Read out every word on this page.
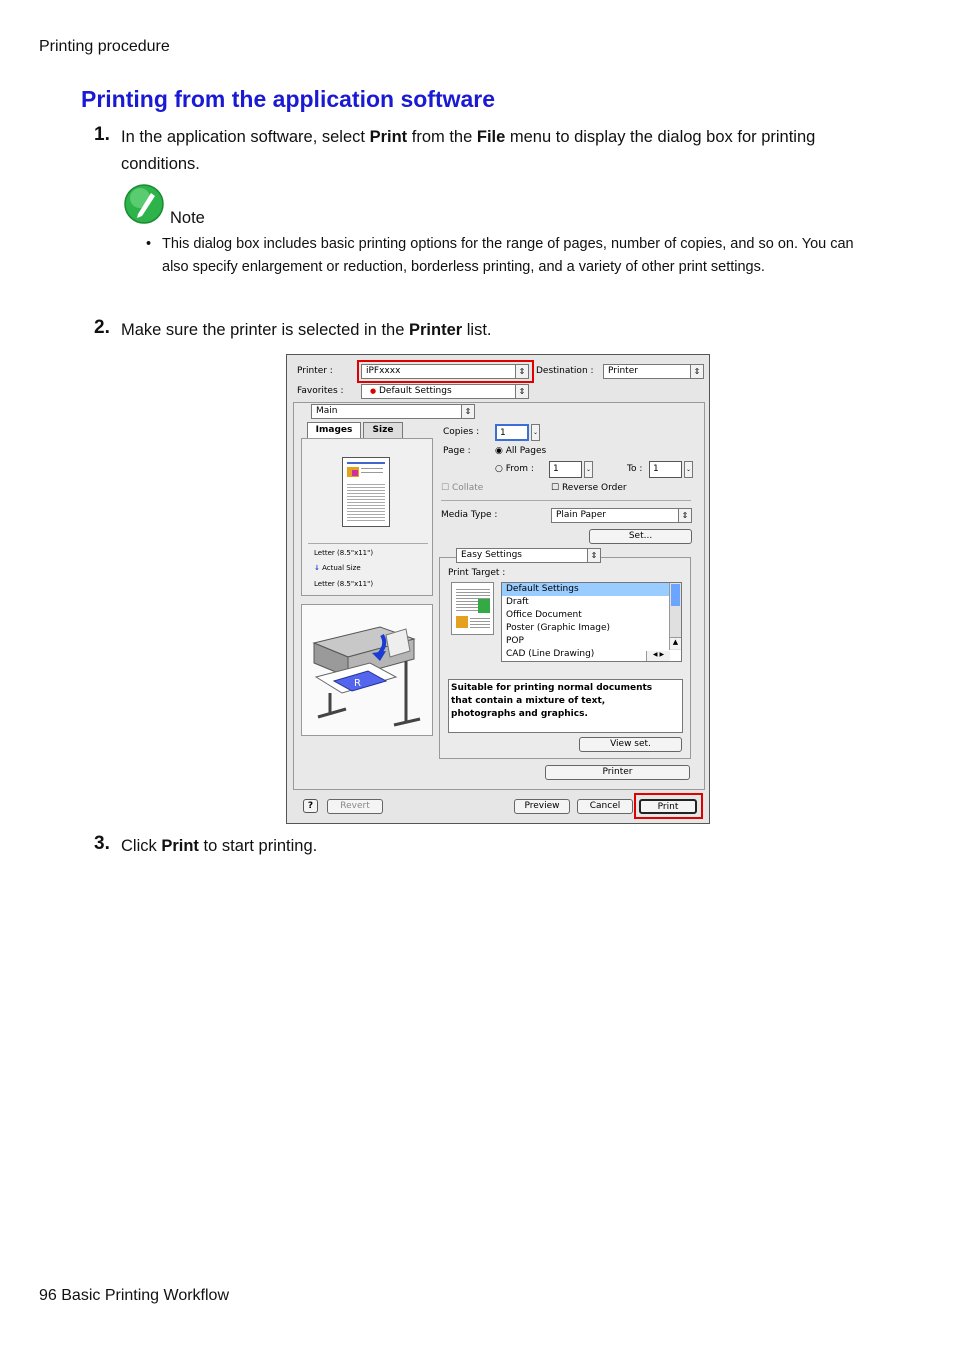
Printing procedure
Printing from the application software
1. In the application software, select Print from the File menu to display the dialog box for printing
conditions.
Note
• This dialog box includes basic printing options for the range of pages, number of copies, and so on. You can also specify enlargement or reduction, borderless printing, and a variety of other print settings.
2. Make sure the printer is selected in the Printer list.
Printer :	iPFxxxx	⇕ Destination :	Printer	⇕
Favorites :	● Default Settings	⇕
Main	⇕
Images	Size
Letter (8.5"x11")
↓ Actual Size
Letter (8.5"x11")
R
Copies :	1	⌄
Page :	◉ All Pages
○ From :	1	⌄	To :	1	⌄
☐ Collate	☐ Reverse Order
Media Type :	Plain Paper	⇕
Set...
Easy Settings	⇕
Print Target :
Default Settings
Draft
Office Document
Poster (Graphic Image)
POP
CAD (Line Drawing)
▲
◀ ▶
Suitable for printing normal documents that contain a mixture of text, photographs and graphics.
View set.
Printer
?	Revert	Preview	Cancel	Print
3. Click Print to start printing.
96 Basic Printing Workflow
